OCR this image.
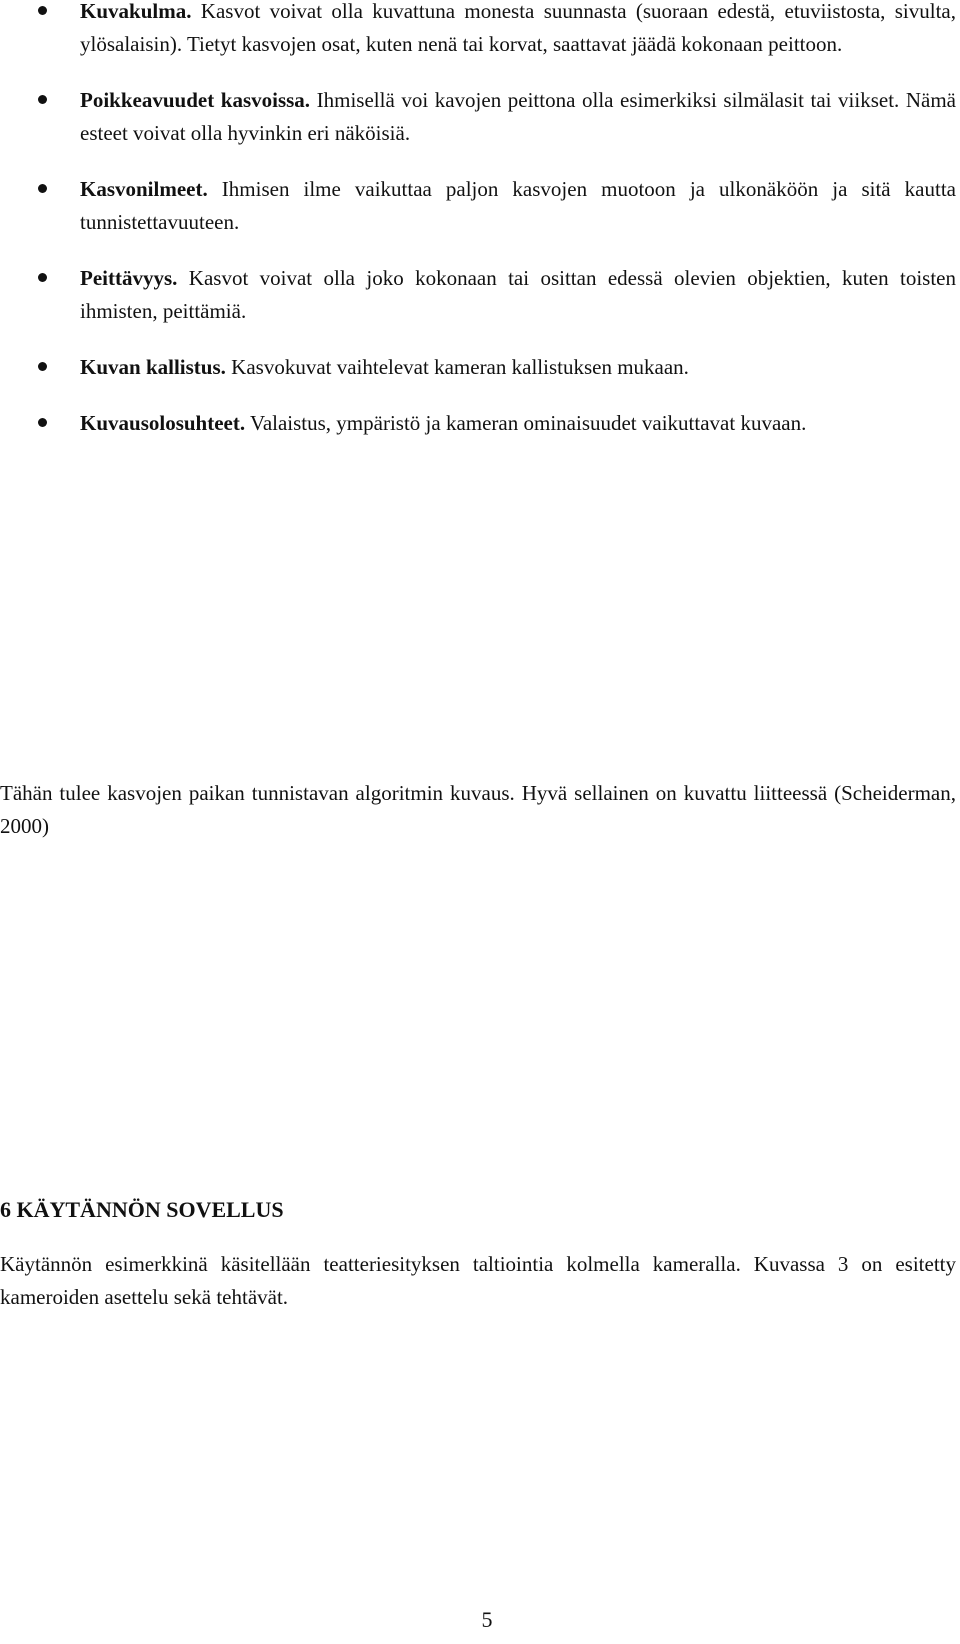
Kuvakulma. Kasvot voivat olla kuvattuna monesta suunnasta (suoraan edestä, etuviistosta, sivulta, ylösalaisin). Tietyt kasvojen osat, kuten nenä tai korvat, saattavat jäädä kokonaan peittoon.
Poikkeavuudet kasvoissa. Ihmisellä voi kavojen peittona olla esimerkiksi silmälasit tai viikset. Nämä esteet voivat olla hyvinkin eri näköisiä.
Kasvonilmeet. Ihmisen ilme vaikuttaa paljon kasvojen muotoon ja ulkonäköön ja sitä kautta tunnistettavuuteen.
Peittävyys. Kasvot voivat olla joko kokonaan tai osittan edessä olevien objektien, kuten toisten ihmisten, peittämiä.
Kuvan kallistus. Kasvokuvat vaihtelevat kameran kallistuksen mukaan.
Kuvausolosuhteet. Valaistus, ympäristö ja kameran ominaisuudet vaikuttavat kuvaan.

Tähän tulee kasvojen paikan tunnistavan algoritmin kuvaus. Hyvä sellainen on kuvattu liitteessä (Scheiderman, 2000)

6 KÄYTÄNNÖN SOVELLUS

Käytännön esimerkkinä käsitellään teatteriesityksen taltiointia kolmella kameralla. Kuvassa 3 on esitetty kameroiden asettelu sekä tehtävät.

5
